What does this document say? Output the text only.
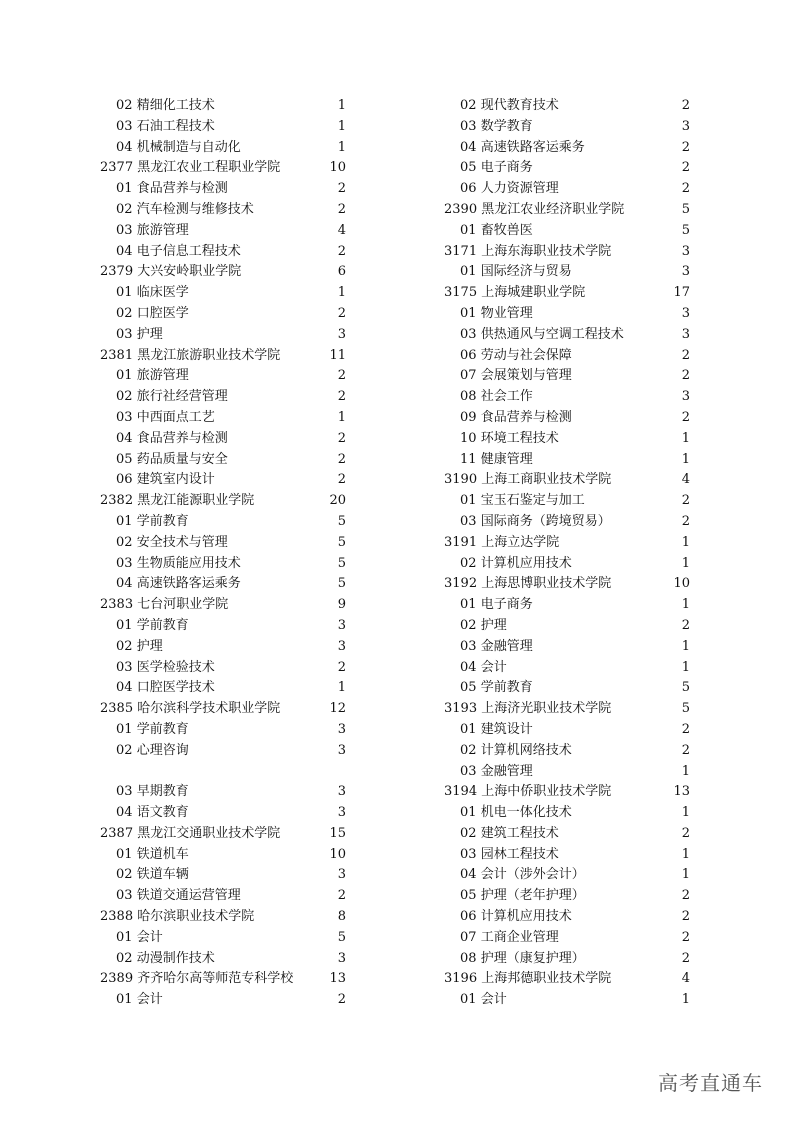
02 精细化工技术	1
03 石油工程技术	1
04 机械制造与自动化	1
2377 黑龙江农业工程职业学院	10
01 食品营养与检测	2
02 汽车检测与维修技术	2
03 旅游管理	4
04 电子信息工程技术	2
2379 大兴安岭职业学院	6
01 临床医学	1
02 口腔医学	2
03 护理	3
2381 黑龙江旅游职业技术学院	11
01 旅游管理	2
02 旅行社经营管理	2
03 中西面点工艺	1
04 食品营养与检测	2
05 药品质量与安全	2
06 建筑室内设计	2
2382 黑龙江能源职业学院	20
01 学前教育	5
02 安全技术与管理	5
03 生物质能应用技术	5
04 高速铁路客运乘务	5
2383 七台河职业学院	9
01 学前教育	3
02 护理	3
03 医学检验技术	2
04 口腔医学技术	1
2385 哈尔滨科学技术职业学院	12
01 学前教育	3
02 心理咨询	3
03 早期教育	3
04 语文教育	3
2387 黑龙江交通职业技术学院	15
01 铁道机车	10
02 铁道车辆	3
03 铁道交通运营管理	2
2388 哈尔滨职业技术学院	8
01 会计	5
02 动漫制作技术	3
2389 齐齐哈尔高等师范专科学校	13
01 会计	2
02 现代教育技术	2
03 数学教育	3
04 高速铁路客运乘务	2
05 电子商务	2
06 人力资源管理	2
2390 黑龙江农业经济职业学院	5
01 畜牧兽医	5
3171 上海东海职业技术学院	3
01 国际经济与贸易	3
3175 上海城建职业学院	17
01 物业管理	3
03 供热通风与空调工程技术	3
06 劳动与社会保障	2
07 会展策划与管理	2
08 社会工作	3
09 食品营养与检测	2
10 环境工程技术	1
11 健康管理	1
3190 上海工商职业技术学院	4
01 宝玉石鉴定与加工	2
03 国际商务（跨境贸易）	2
3191 上海立达学院	1
02 计算机应用技术	1
3192 上海思博职业技术学院	10
01 电子商务	1
02 护理	2
03 金融管理	1
04 会计	1
05 学前教育	5
3193 上海济光职业技术学院	5
01 建筑设计	2
02 计算机网络技术	2
03 金融管理	1
3194 上海中侨职业技术学院	13
01 机电一体化技术	1
02 建筑工程技术	2
03 园林工程技术	1
04 会计（涉外会计）	1
05 护理（老年护理）	2
06 计算机应用技术	2
07 工商企业管理	2
08 护理（康复护理）	2
3196 上海邦德职业技术学院	4
01 会计	1
高考直通车
